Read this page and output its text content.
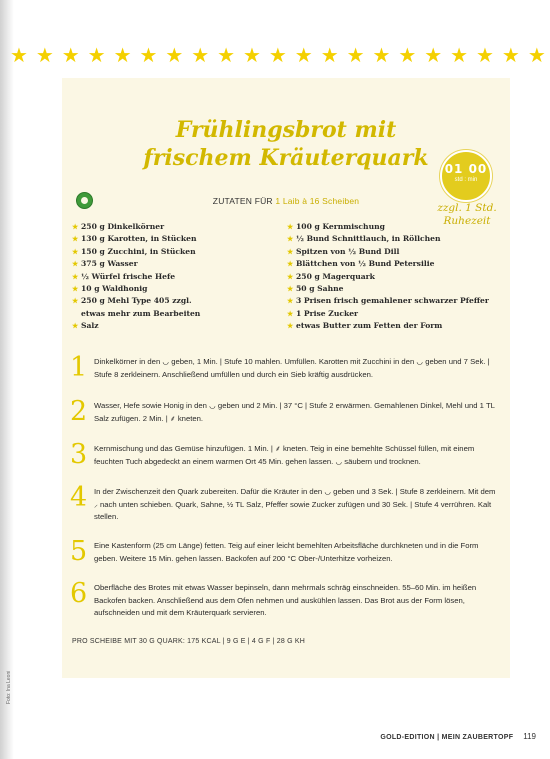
★ ★ ★ ★ ★ ★ ★ ★ ★ ★ ★ ★ ★ ★ ★ ★ ★ ★ ★ ★ ★
Frühlingsbrot mit
frischem Kräuterquark	01 00
std : min
zzgl. 1 Std.
Ruhezeit
ZUTATEN FÜR 1 Laib à 16 Scheiben
★ 250 g Dinkelkörner
★ 130 g Karotten, in Stücken
★ 150 g Zucchini, in Stücken
★ 375 g Wasser
★ ½ Würfel frische Hefe
★ 10 g Waldhonig
★ 250 g Mehl Type 405 zzgl.
etwas mehr zum Bearbeiten
★ Salz
★ 100 g Kernmischung
★ ½ Bund Schnittlauch, in Röllchen
★ Spitzen von ½ Bund Dill
★ Blättchen von ½ Bund Petersilie
★ 250 g Magerquark
★ 50 g Sahne
★ 3 Prisen frisch gemahlener schwarzer Pfeffer
★ 1 Prise Zucker
★ etwas Butter zum Fetten der Form
1 Dinkelkörner in den ◡ geben, 1 Min. | Stufe 10 mahlen. Umfüllen. Karotten mit Zucchini in den ◡ geben und 7 Sek. | Stufe 8 zerkleinern. Anschließend umfüllen und durch ein Sieb kräftig ausdrücken.
2 Wasser, Hefe sowie Honig in den ◡ geben und 2 Min. | 37 °C | Stufe 2 erwärmen. Gemahlenen Dinkel, Mehl und 1 TL Salz zufügen. 2 Min. | ⸙ kneten.
3 Kernmischung und das Gemüse hinzufügen. 1 Min. | ⸙ kneten. Teig in eine bemehlte Schüssel füllen, mit einem feuchten Tuch abgedeckt an einem warmen Ort 45 Min. gehen lassen. ◡ säubern und trocknen.
4 In der Zwischenzeit den Quark zubereiten. Dafür die Kräuter in den ◡ geben und 3 Sek. | Stufe 8 zerkleinern. Mit dem ⸝ nach unten schieben. Quark, Sahne, ½ TL Salz, Pfeffer sowie Zucker zufügen und 30 Sek. | Stufe 4 verrühren. Kalt stellen.
5 Eine Kastenform (25 cm Länge) fetten. Teig auf einer leicht bemehlten Arbeitsfläche durchkneten und in die Form geben. Weitere 15 Min. gehen lassen. Backofen auf 200 °C Ober-/Unterhitze vorheizen.
6 Oberfläche des Brotes mit etwas Wasser bepinseln, dann mehrmals schräg einschneiden. 55–60 Min. im heißen Backofen backen. Anschließend aus dem Ofen nehmen und auskühlen lassen. Das Brot aus der Form lösen, aufschneiden und mit dem Kräuterquark servieren.
PRO SCHEIBE MIT 30 G QUARK: 175 KCAL | 9 G E | 4 G F | 28 G KH
Foto: Ina Leoni
GOLD-EDITION | MEIN ZAUBERTOPF 119
